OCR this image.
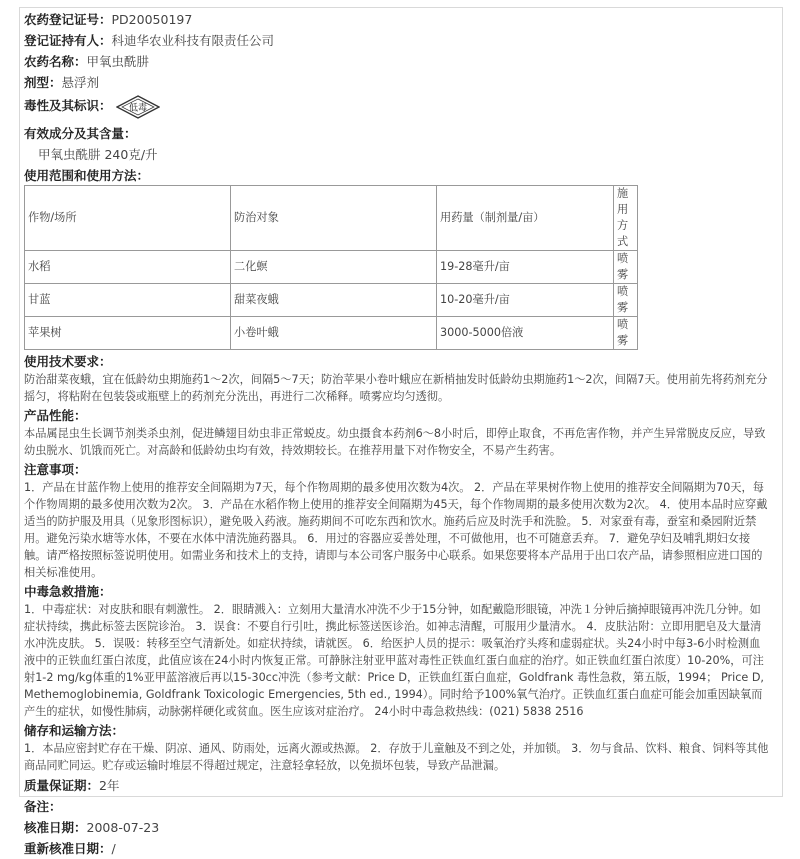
农药登记证号：PD20050197
登记证持有人：科迪华农业科技有限责任公司
农药名称：甲氧虫酰肼
剂型：悬浮剂
毒性及其标识： 低毒
有效成分及其含量：
甲氧虫酰肼 240克/升
使用范围和使用方法：
作物/场所	防治对象	用药量（制剂量/亩）	施用方式
水稻	二化螟	19-28毫升/亩	喷雾
甘蓝	甜菜夜蛾	10-20毫升/亩	喷雾
苹果树	小卷叶蛾	3000-5000倍液	喷雾
使用技术要求：

防治甜菜夜蛾，宜在低龄幼虫期施药1～2次，间隔5～7天；防治苹果小卷叶蛾应在新梢抽发时低龄幼虫期施药1～2次，间隔7天。使用前先将药剂充分摇匀，将粘附在包装袋或瓶壁上的药剂充分洗出，再进行二次稀释。喷雾应均匀透彻。

产品性能：

本品属昆虫生长调节剂类杀虫剂，促进鳞翅目幼虫非正常蜕皮。幼虫摄食本药剂6～8小时后，即停止取食，不再危害作物，并产生异常脱皮反应，导致幼虫脱水、饥饿而死亡。对高龄和低龄幼虫均有效，持效期较长。在推荐用量下对作物安全，不易产生药害。

注意事项：

1．产品在甘蓝作物上使用的推荐安全间隔期为7天，每个作物周期的最多使用次数为4次。 2．产品在苹果树作物上使用的推荐安全间隔期为70天，每个作物周期的最多使用次数为2次。 3．产品在水稻作物上使用的推荐安全间隔期为45天，每个作物周期的最多使用次数为2次。 4．使用本品时应穿戴适当的防护服及用具（见象形图标识），避免吸入药液。施药期间不可吃东西和饮水。施药后应及时洗手和洗脸。 5．对家蚕有毒，蚕室和桑园附近禁用。避免污染水塘等水体，不要在水体中清洗施药器具。 6．用过的容器应妥善处理，不可做他用，也不可随意丢弃。 7．避免孕妇及哺乳期妇女接触。请严格按照标签说明使用。如需业务和技术上的支持，请即与本公司客户服务中心联系。如果您要将本产品用于出口农产品，请参照相应进口国的相关标准使用。

中毒急救措施：

1．中毒症状：对皮肤和眼有刺激性。 2．眼睛溅入：立刻用大量清水冲洗不少于15分钟，如配戴隐形眼镜，冲洗１分钟后摘掉眼镜再冲洗几分钟。如症状持续，携此标签去医院诊治。 3．误食：不要自行引吐，携此标签送医诊治。如神志清醒，可服用少量清水。 4．皮肤沾附：立即用肥皂及大量清水冲洗皮肤。 5．误吸：转移至空气清新处。如症状持续，请就医。 6．给医护人员的提示：吸氧治疗头疼和虚弱症状。头24小时中每3-6小时检测血液中的正铁血红蛋白浓度，此值应该在24小时内恢复正常。可静脉注射亚甲蓝对毒性正铁血红蛋白血症的治疗。如正铁血红蛋白浓度）10-20%，可注射1-2 mg/kg体重的1%亚甲蓝溶液后再以15-30cc冲洗（参考文献：Price D，正铁血红蛋白血症，Goldfrank 毒性急救，第五版，1994； Price D, Methemoglobinemia, Goldfrank Toxicologic Emergencies, 5th ed., 1994）。同时给予100%氧气治疗。正铁血红蛋白血症可能会加重因缺氧而产生的症状，如慢性肺病，动脉粥样硬化或贫血。医生应该对症治疗。 24小时中毒急救热线：(021) 5838 2516

储存和运输方法：

1．本品应密封贮存在干燥、阴凉、通风、防雨处，远离火源或热源。 2．存放于儿童触及不到之处，并加锁。 3．勿与食品、饮料、粮食、饲料等其他商品同贮同运。贮存或运输时堆层不得超过规定，注意轻拿轻放，以免损坏包装，导致产品泄漏。

质量保证期：2年
备注：
核准日期：2008-07-23
重新核准日期：/
